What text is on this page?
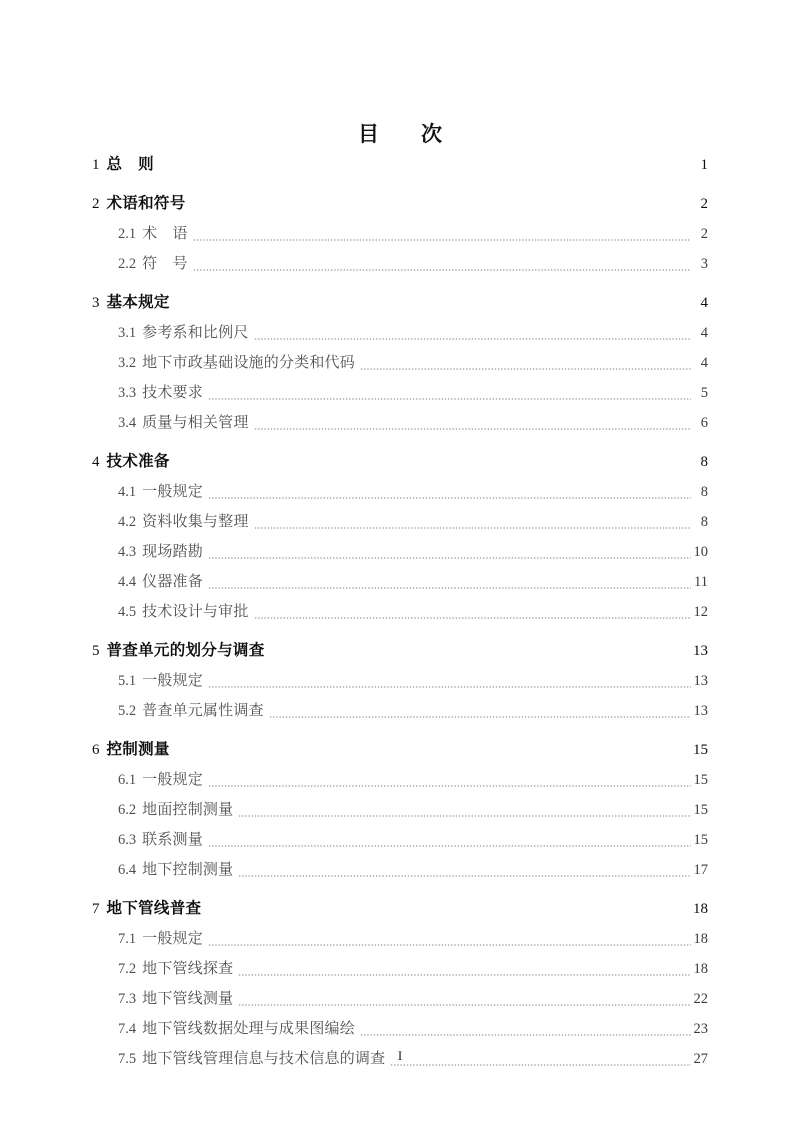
目　　次
1 总　则	1
2 术语和符号	2
2.1 术　语	2
2.2 符　号	3
3 基本规定	4
3.1 参考系和比例尺	4
3.2 地下市政基础设施的分类和代码	4
3.3 技术要求	5
3.4 质量与相关管理	6
4 技术准备	8
4.1 一般规定	8
4.2 资料收集与整理	8
4.3 现场踏勘	10
4.4 仪器准备	11
4.5 技术设计与审批	12
5 普查单元的划分与调查	13
5.1 一般规定	13
5.2 普查单元属性调查	13
6 控制测量	15
6.1 一般规定	15
6.2 地面控制测量	15
6.3 联系测量	15
6.4 地下控制测量	17
7 地下管线普查	18
7.1 一般规定	18
7.2 地下管线探查	18
7.3 地下管线测量	22
7.4 地下管线数据处理与成果图编绘	23
7.5 地下管线管理信息与技术信息的调查	27
I
